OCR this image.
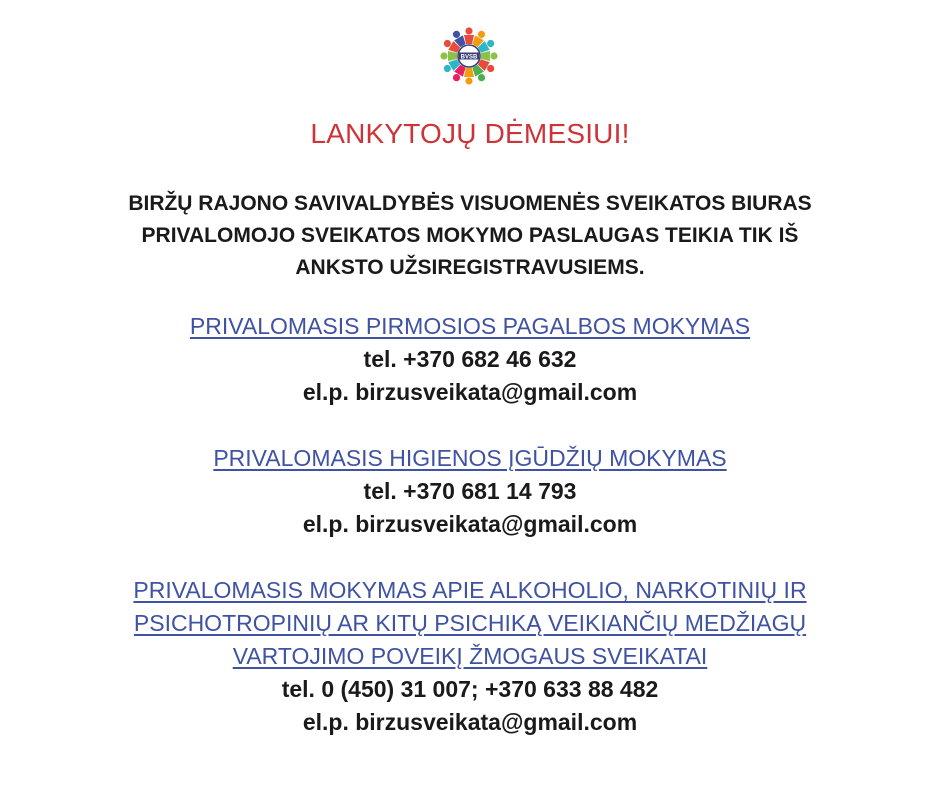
BVSB
LANKYTOJŲ DĖMESIUI!
BIRŽŲ RAJONO SAVIVALDYBĖS VISUOMENĖS SVEIKATOS BIURAS
PRIVALOMOJO SVEIKATOS MOKYMO PASLAUGAS TEIKIA TIK IŠ
ANKSTO UŽSIREGISTRAVUSIEMS.
PRIVALOMASIS PIRMOSIOS PAGALBOS MOKYMAS
tel. +370 682 46 632
el.p. birzusveikata@gmail.com
PRIVALOMASIS HIGIENOS ĮGŪDŽIŲ MOKYMAS
tel. +370 681 14 793
el.p. birzusveikata@gmail.com
PRIVALOMASIS MOKYMAS APIE ALKOHOLIO, NARKOTINIŲ IR
PSICHOTROPINIŲ AR KITŲ PSICHIKĄ VEIKIANČIŲ MEDŽIAGŲ
VARTOJIMO POVEIKĮ ŽMOGAUS SVEIKATAI
tel. 0 (450) 31 007; +370 633 88 482
el.p. birzusveikata@gmail.com
